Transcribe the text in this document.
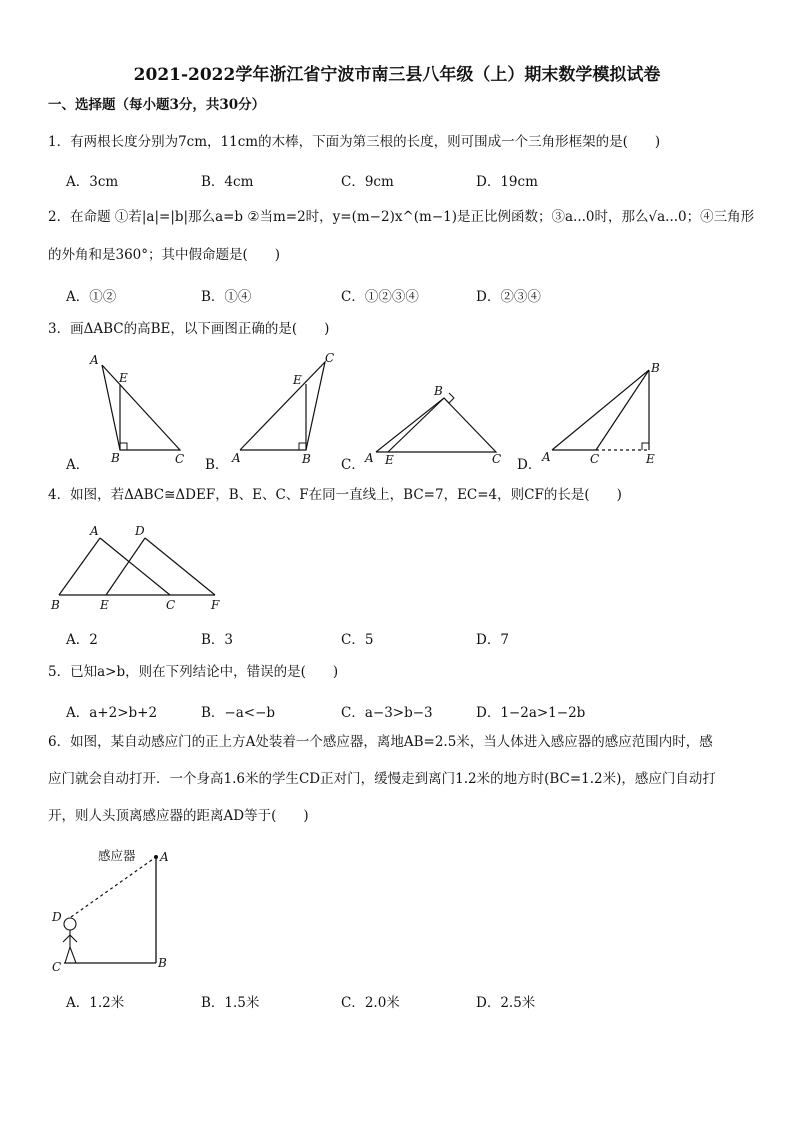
2021-2022学年浙江省宁波市南三县八年级（上）期末数学模拟试卷
一、选择题（每小题3分，共30分）
1．有两根长度分别为7cm，11cm的木棒，下面为第三根的长度，则可围成一个三角形框架的是(　　)
A．3cm	B．4cm	C．9cm	D．19cm
2．在命题 ①若|a|=|b|那么a=b ②当m=2时，y=(m−2)x^(m−1)是正比例函数；③a...0时，那么√a...0；④三角形
的外角和是360°；其中假命题是(　　)
A．①②	B．①④	C．①②③④	D．②③④
3．画ΔABC的高BE，以下画图正确的是(　　)
A．
A
E
B	C B．
C
E
A	B C．
B
A E	C D．
B
A	C	E
4．如图，若ΔABC≅ΔDEF，B、E、C、F在同一直线上，BC=7，EC=4，则CF的长是(　　)
A	D
B	E	C	F
A．2	B．3	C．5	D．7
5．已知a>b，则在下列结论中，错误的是(　　)
A．a+2>b+2	B．−a<−b	C．a−3>b−3	D．1−2a>1−2b
6．如图，某自动感应门的正上方A处装着一个感应器，离地AB=2.5米，当人体进入感应器的感应范围内时，感
应门就会自动打开．一个身高1.6米的学生CD正对门，缓慢走到离门1.2米的地方时(BC=1.2米)，感应门自动打
开，则人头顶离感应器的距离AD等于(　　)
感应器 A
D
C	B
A．1.2米	B．1.5米	C．2.0米	D．2.5米
